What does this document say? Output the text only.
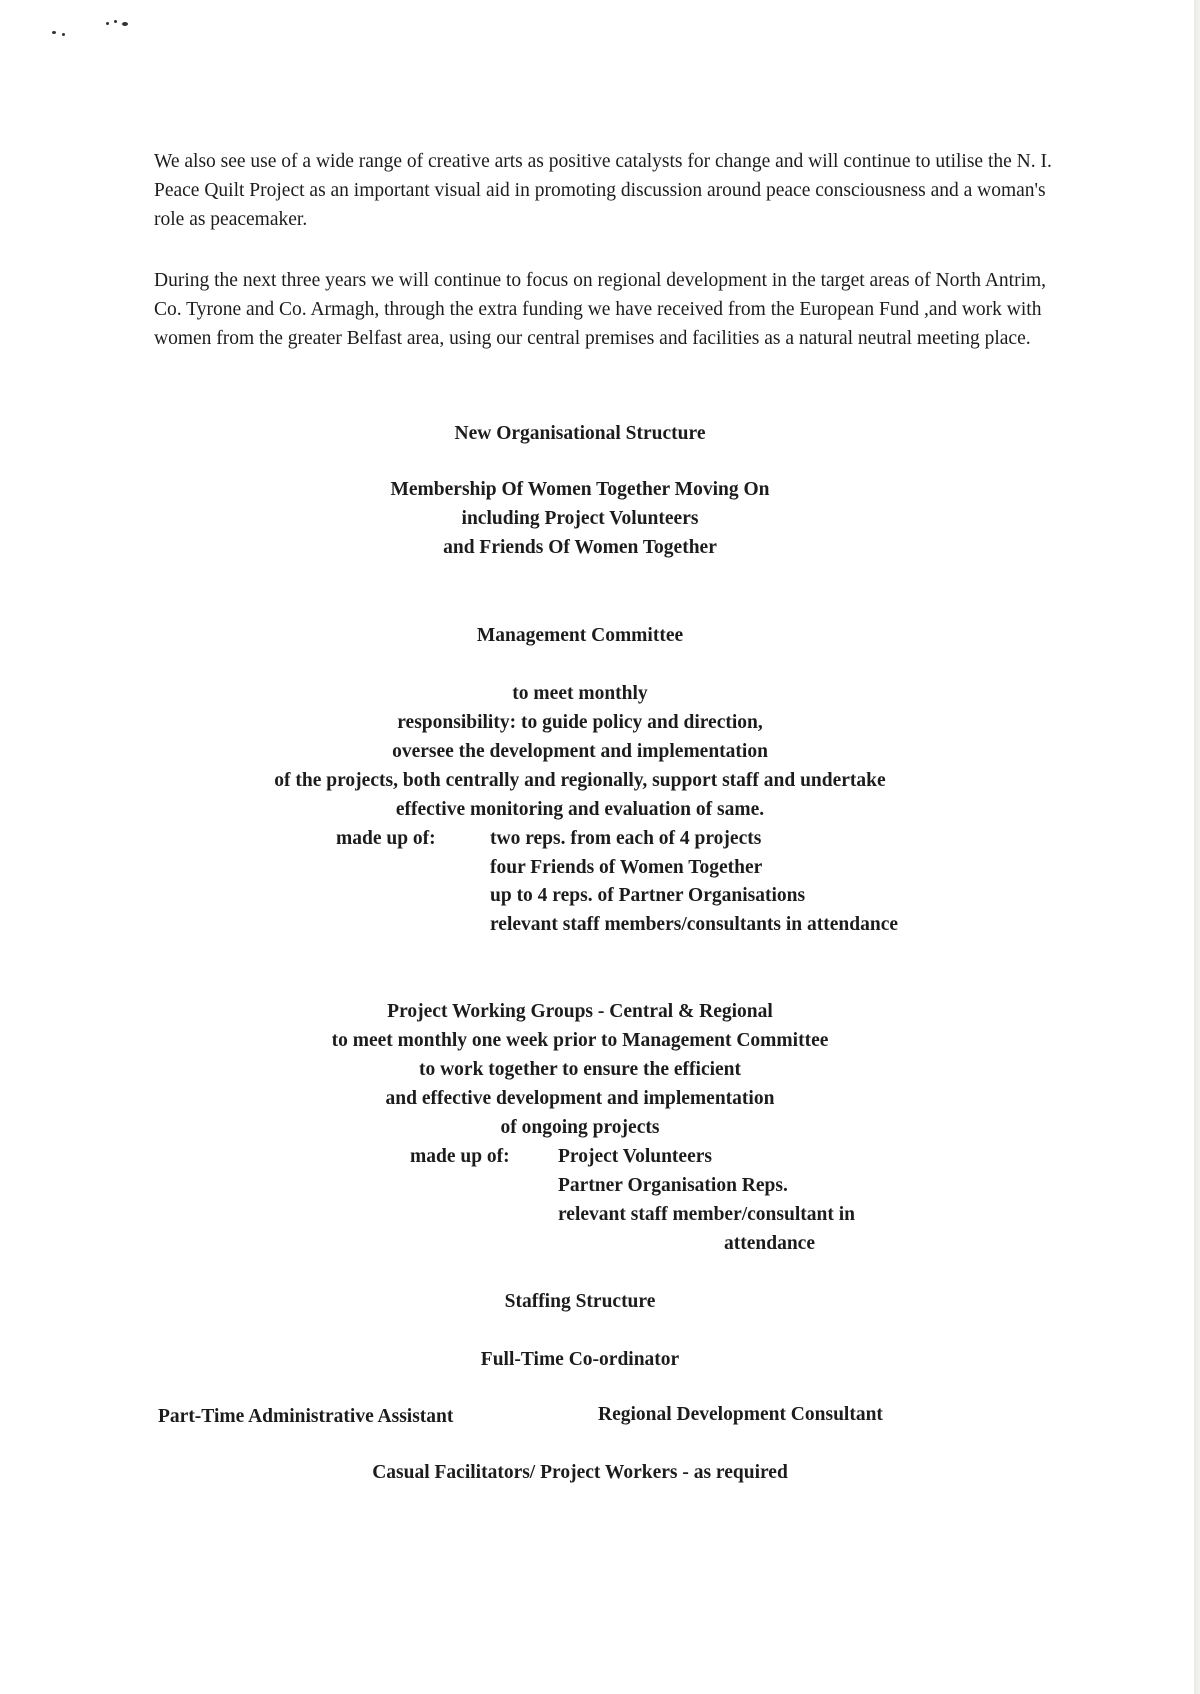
We also see use of a wide range of creative arts as positive catalysts for change and will continue to utilise the N. I. Peace Quilt Project as an important visual aid in promoting discussion around peace consciousness and a woman's role as peacemaker.

During the next three years we will continue to focus on regional development in the target areas of North Antrim, Co. Tyrone and Co. Armagh, through the extra funding we have received from the European Fund ,and work with women from the greater Belfast area, using our central premises and facilities as a natural neutral meeting place.

New Organisational Structure

Membership Of Women Together Moving On

including Project Volunteers

and Friends Of Women Together

Management Committee

to meet monthly

responsibility: to guide policy and direction,

oversee the development and implementation

of the projects, both centrally and regionally, support staff and undertake

effective monitoring and evaluation of same.

made up of:	two reps. from each of 4 projects

four Friends of Women Together

up to 4 reps. of Partner Organisations

relevant staff members/consultants in attendance

Project Working Groups - Central & Regional

to meet monthly one week prior to Management Committee

to work together to ensure the efficient

and effective development and implementation

of ongoing projects

made up of: Project Volunteers

Partner Organisation Reps.

relevant staff member/consultant in

attendance

Staffing Structure

Full-Time Co-ordinator

Part-Time Administrative Assistant	Regional Development Consultant

Casual Facilitators/ Project Workers - as required
